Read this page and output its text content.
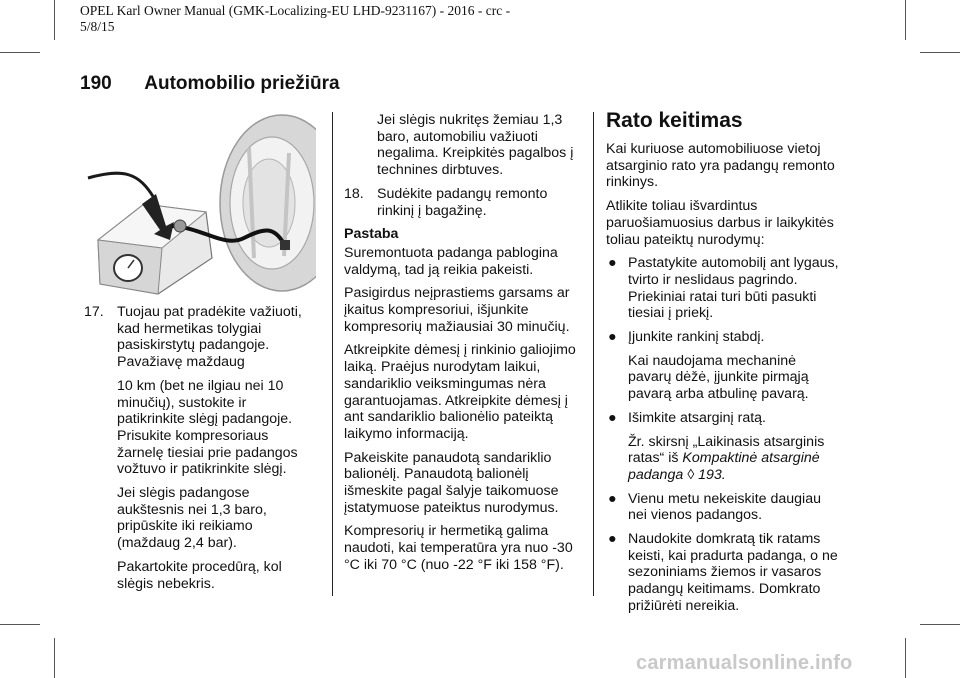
OPEL Karl Owner Manual (GMK-Localizing-EU LHD-9231167) - 2016 - crc -
5/8/15
190 Automobilio priežiūra
17. Tuojau pat pradėkite važiuoti, kad hermetikas tolygiai pasiskirstytų padangoje. Pavažiavę maždaug

10 km (bet ne ilgiau nei 10 minučių), sustokite ir patikrinkite slėgį padangoje. Prisukite kompresoriaus žarnelę tiesiai prie padangos vožtuvo ir patikrinkite slėgį.

Jei slėgis padangose aukštesnis nei 1,3 baro, pripūskite iki reikiamo (maždaug 2,4 bar).

Pakartokite procedūrą, kol slėgis nebekris.

Jei slėgis nukritęs žemiau 1,3 baro, automobiliu važiuoti negalima. Kreipkitės pagalbos į technines dirbtuves.

18. Sudėkite padangų remonto rinkinį į bagažinę.

Pastaba

Suremontuota padanga pablogina valdymą, tad ją reikia pakeisti.

Pasigirdus neįprastiems garsams ar įkaitus kompresoriui, išjunkite kompresorių mažiausiai 30 minučių.

Atkreipkite dėmesį į rinkinio galiojimo laiką. Praėjus nurodytam laikui, sandariklio veiksmingumas nėra garantuojamas. Atkreipkite dėmesį į ant sandariklio balionėlio pateiktą laikymo informaciją.

Pakeiskite panaudotą sandariklio balionėlį. Panaudotą balionėlį išmeskite pagal šalyje taikomuose įstatymuose pateiktus nurodymus.

Kompresorių ir hermetiką galima naudoti, kai temperatūra yra nuo -30 °C iki 70 °C (nuo -22 °F iki 158 °F).

Rato keitimas

Kai kuriuose automobiliuose vietoj atsarginio rato yra padangų remonto rinkinys.

Atlikite toliau išvardintus paruošiamuosius darbus ir laikykitės toliau pateiktų nurodymų:

● Pastatykite automobilį ant lygaus, tvirto ir neslidaus pagrindo. Priekiniai ratai turi būti pasukti tiesiai į priekį.
● Įjunkite rankinį stabdį.

Kai naudojama mechaninė pavarų dėžė, įjunkite pirmąją pavarą arba atbulinę pavarą.

● Išimkite atsarginį ratą.

Žr. skirsnį „Laikinasis atsarginis ratas“ iš Kompaktinė atsarginė padanga ◊ 193.

● Vienu metu nekeiskite daugiau nei vienos padangos.
● Naudokite domkratą tik ratams keisti, kai pradurta padanga, o ne sezoniniams žiemos ir vasaros padangų keitimams. Domkrato prižiūrėti nereikia.
carmanualsonline.info
